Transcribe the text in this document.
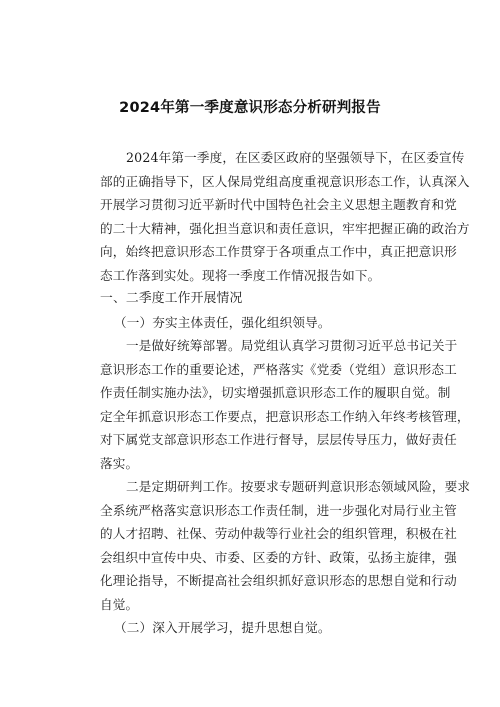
2024年第一季度意识形态分析研判报告
2024年第一季度，在区委区政府的坚强领导下，在区委宣传
部的正确指导下，区人保局党组高度重视意识形态工作，认真深入
开展学习贯彻习近平新时代中国特色社会主义思想主题教育和党
的二十大精神，强化担当意识和责任意识，牢牢把握正确的政治方
向，始终把意识形态工作贯穿于各项重点工作中，真正把意识形
态工作落到实处。现将一季度工作情况报告如下。
一、二季度工作开展情况
（一）夯实主体责任，强化组织领导。
一是做好统筹部署。局党组认真学习贯彻习近平总书记关于
意识形态工作的重要论述，严格落实《党委（党组）意识形态工
作责任制实施办法》，切实增强抓意识形态工作的履职自觉。制
定全年抓意识形态工作要点，把意识形态工作纳入年终考核管理，
对下属党支部意识形态工作进行督导，层层传导压力，做好责任
落实。
二是定期研判工作。按要求专题研判意识形态领域风险，要求
全系统严格落实意识形态工作责任制，进一步强化对局行业主管
的人才招聘、社保、劳动仲裁等行业社会的组织管理，积极在社
会组织中宣传中央、市委、区委的方针、政策，弘扬主旋律，强
化理论指导，不断提高社会组织抓好意识形态的思想自觉和行动
自觉。
（二）深入开展学习，提升思想自觉。
